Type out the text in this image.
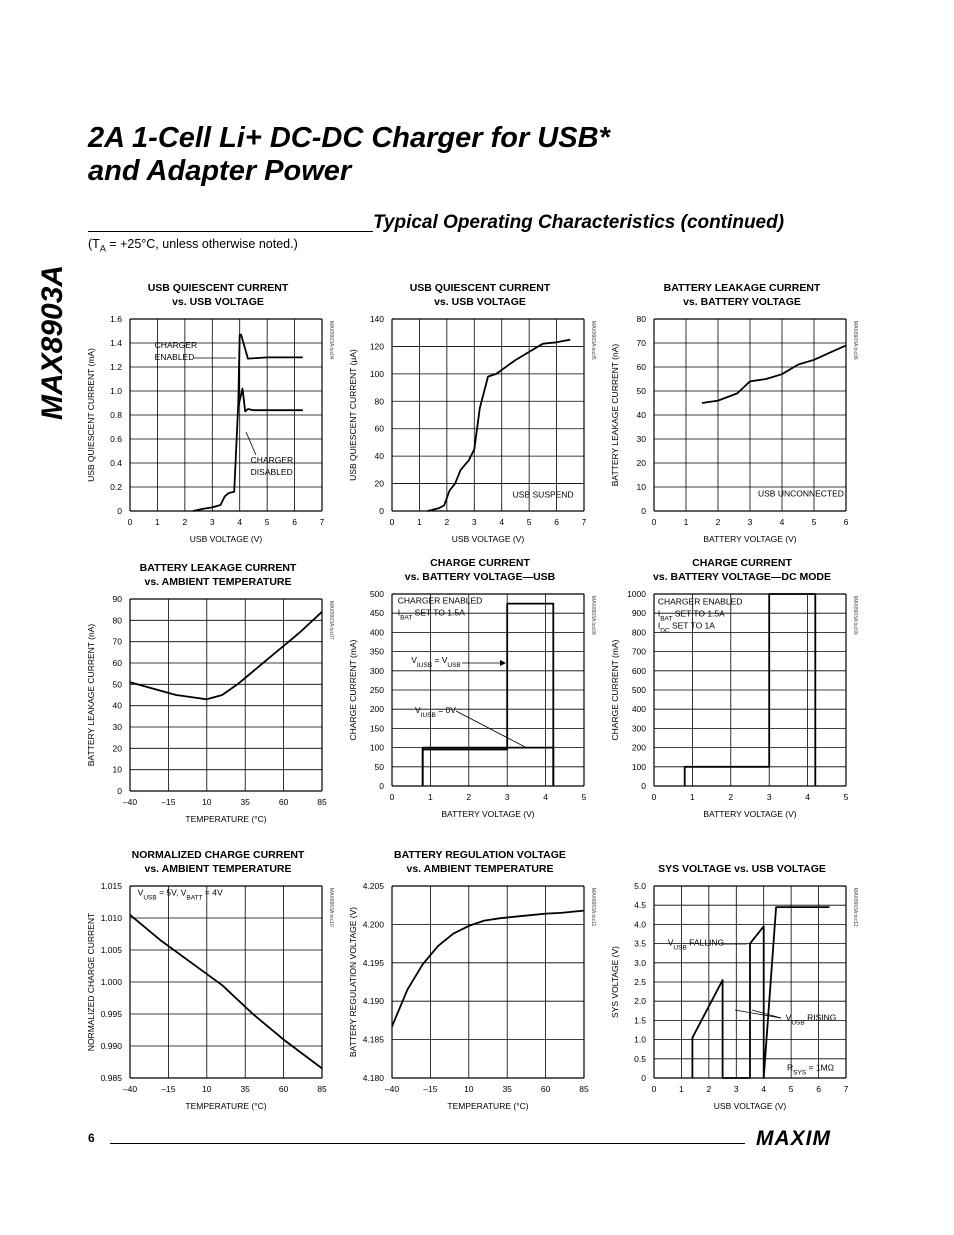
MAX8903A
2A 1-Cell Li+ DC-DC Charger for USB*
and Adapter Power
Typical Operating Characteristics (continued)
($T_A = +25^\circ C$, unless otherwise noted.)
6	MAXIM
USB QUIESCENT CURRENT
vs. USB VOLTAGE
0	1	2	3	4	5	6	7
0
0.2
0.4
0.6
0.8
1.0
1.2
1.4
1.6
USB VOLTAGE (V)
USB QUIESCENT CURRENT (mA)
MAX8903A toc04
CHARGER
ENABLED
CHARGER
DISABLED
USB QUIESCENT CURRENT
vs. USB VOLTAGE
0	1	2	3	4	5	6	7
0
20
40
60
80
100
120
140
USB VOLTAGE (V)
USB QUIESCENT CURRENT (µA)
MAX8903A toc05
USB SUSPEND
BATTERY LEAKAGE CURRENT
vs. BATTERY VOLTAGE
0	1	2	3	4	5	6
0
10
20
30
40
50
60
70
80
BATTERY VOLTAGE (V)
BATTERY LEAKAGE CURRENT (nA)
MAX8903A toc06
USB UNCONNECTED
BATTERY LEAKAGE CURRENT
vs. AMBIENT TEMPERATURE
–40	–15	10	35	60	85
0
10
20
30
40
50
60
70
80
90
TEMPERATURE (°C)
BATTERY LEAKAGE CURRENT (nA)
MAX8903A toc07
CHARGE CURRENT
vs. BATTERY VOLTAGE—USB
0	1	2	3	4	5
0
50
100
150
200
250
300
350
400
450
500
BATTERY VOLTAGE (V)
CHARGE CURRENT (mA)
MAX8903A toc08
CHARGER ENABLED
$I_{BAT}$ SET TO 1.5A
$V_{IUSB} = V_{USB}$
$V_{IUSB} = 0V$
CHARGE CURRENT
vs. BATTERY VOLTAGE—DC MODE
0	1	2	3	4	5
0
100
200
300
400
500
600
700
800
900
1000
BATTERY VOLTAGE (V)
CHARGE CURRENT (mA)
MAX8903A toc09
CHARGER ENABLED
$I_{BAT}$ SET TO 1.5A
$I_{DC}$ SET TO 1A
NORMALIZED CHARGE CURRENT
vs. AMBIENT TEMPERATURE
–40	–15	10	35	60	85
0.985
0.990
0.995
1.000
1.005
1.010
1.015
TEMPERATURE (°C)
NORMALIZED CHARGE CURRENT
MAX8903A toc10
$V_{USB} = 5V$, $V_{BATT} = 4V$
BATTERY REGULATION VOLTAGE
vs. AMBIENT TEMPERATURE
–40	–15	10	35	60	85
4.180
4.185
4.190
4.195
4.200
4.205
TEMPERATURE (°C)
BATTERY REGULATION VOLTAGE (V)	MAX8903A toc11
SYS VOLTAGE vs. USB VOLTAGE
0	1	2	3	4	5	6	7
0
0.5
1.0
1.5
2.0
2.5
3.0
3.5
4.0
4.5
5.0
USB VOLTAGE (V)
SYS VOLTAGE (V)
MAX8903A toc12
$V_{USB}$ FALLING
$V_{USB}$ RISING
$R_{SYS} = 1M\Omega$
